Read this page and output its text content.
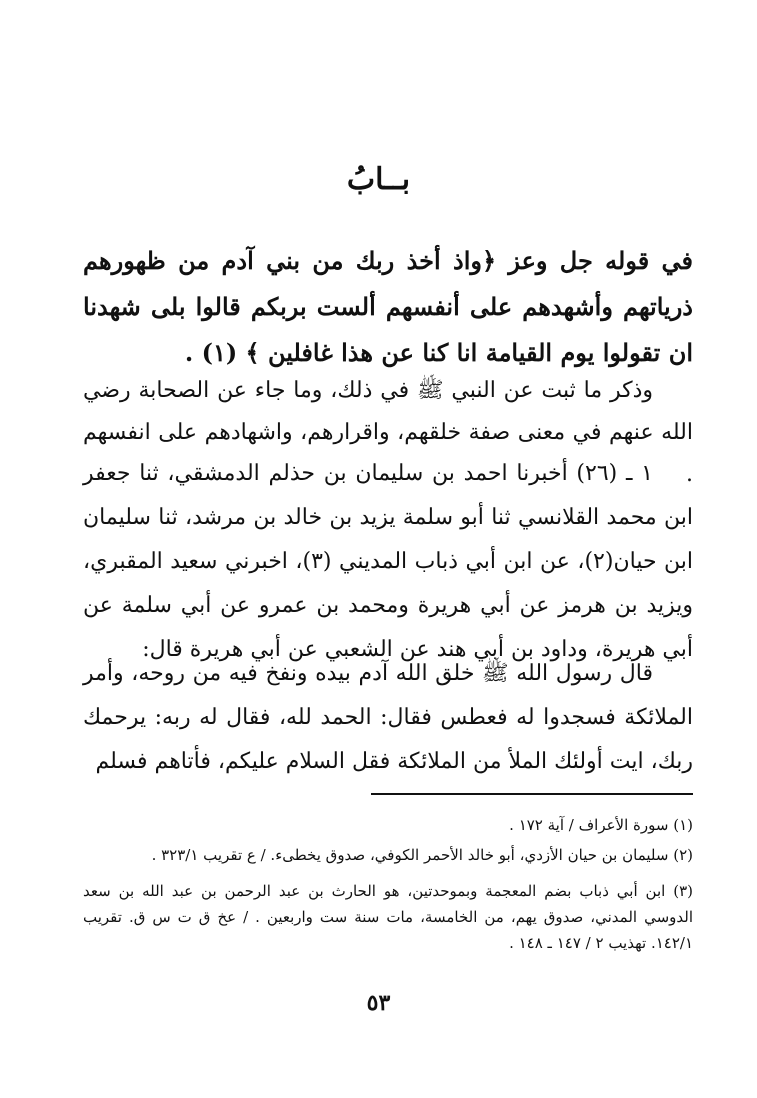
بــابُ

في قوله جل وعز ﴿واذ أخذ ربك من بني آدم من ظهورهم ذرياتهم وأشهدهم على أنفسهم ألست بربكم قالوا بلى شهدنا ان تقولوا يوم القيامة انا كنا عن هذا غافلين ﴾ (١) .

وذكر ما ثبت عن النبي ﷺ في ذلك، وما جاء عن الصحابة رضي الله عنهم في معنى صفة خلقهم، واقرارهم، واشهادهم على انفسهم .

١ ـ (٢٦) أخبرنا احمد بن سليمان بن حذلم الدمشقي، ثنا جعفر ابن محمد القلانسي ثنا أبو سلمة يزيد بن خالد بن مرشد، ثنا سليمان ابن حيان(٢)، عن ابن أبي ذباب المديني (٣)، اخبرني سعيد المقبري، ويزيد بن هرمز عن أبي هريرة ومحمد بن عمرو عن أبي سلمة عن أبي هريرة، وداود بن أبي هند عن الشعبي عن أبي هريرة قال:

قال رسول الله ﷺ خلق الله آدم بيده ونفخ فيه من روحه، وأمر الملائكة فسجدوا له فعطس فقال: الحمد لله، فقال له ربه: يرحمك ربك، ايت أولئك الملأ من الملائكة فقل السلام عليكم، فأتاهم فسلم

(١) سورة الأعراف / آية ١٧٢ .

(٢) سليمان بن حيان الأزدي، أبو خالد الأحمر الكوفي، صدوق يخطىء. / ع تقريب ٣٢٣/١ .

(٣) ابن أبي ذباب بضم المعجمة وبموحدتين، هو الحارث بن عبد الرحمن بن عبد الله بن سعد الدوسي المدني، صدوق يهم، من الخامسة، مات سنة ست واربعين . / عخ ق ت س ق. تقريب ١٤٢/١. تهذيب ٢ / ١٤٧ ـ ١٤٨ .

٥٣
